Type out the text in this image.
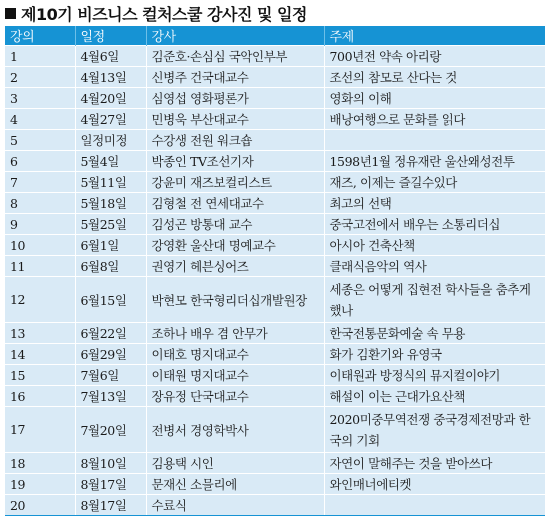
제10기 비즈니스 컬처스쿨 강사진 및 일정
강의	일정	강사	주제
1	4월6일	김준호·손심심 국악인부부	700년전 약속 아리랑
2	4월13일	신병주 건국대교수	조선의 참모로 산다는 것
3	4월20일	심영섭 영화평론가	영화의 이해
4	4월27일	민병욱 부산대교수	배낭여행으로 문화를 읽다
5	일정미정	수강생 전원 워크숍	
6	5월4일	박종인 TV조선기자	1598년1월 정유재란 울산왜성전투
7	5월11일	강윤미 재즈보컬리스트	재즈, 이제는 즐길수있다
8	5월18일	김형철 전 연세대교수	최고의 선택
9	5월25일	김성곤 방통대 교수	중국고전에서 배우는 소통리더십
10	6월1일	강영환 울산대 명예교수	아시아 건축산책
11	6월8일	권영기 헤븐싱어즈	클래식음악의 역사
12	6월15일	박현모 한국형리더십개발원장	세종은 어떻게 집현전 학사들을 춤추게했나
13	6월22일	조하나 배우 겸 안무가	한국전통문화예술 속 무용
14	6월29일	이태호 명지대교수	화가 김환기와 유영국
15	7월6일	이태원 명지대교수	이태원과 방정식의 뮤지컬이야기
16	7월13일	장유정 단국대교수	해설이 이는 근대가요산책
17	7월20일	전병서 경영학박사	2020미중무역전쟁 중국경제전망과 한국의 기회
18	8월10일	김용택 시인	자연이 말해주는 것을 받아쓰다
19	8월17일	문재신 소믈리에	와인매너에티켓
20	8월17일	수료식	
